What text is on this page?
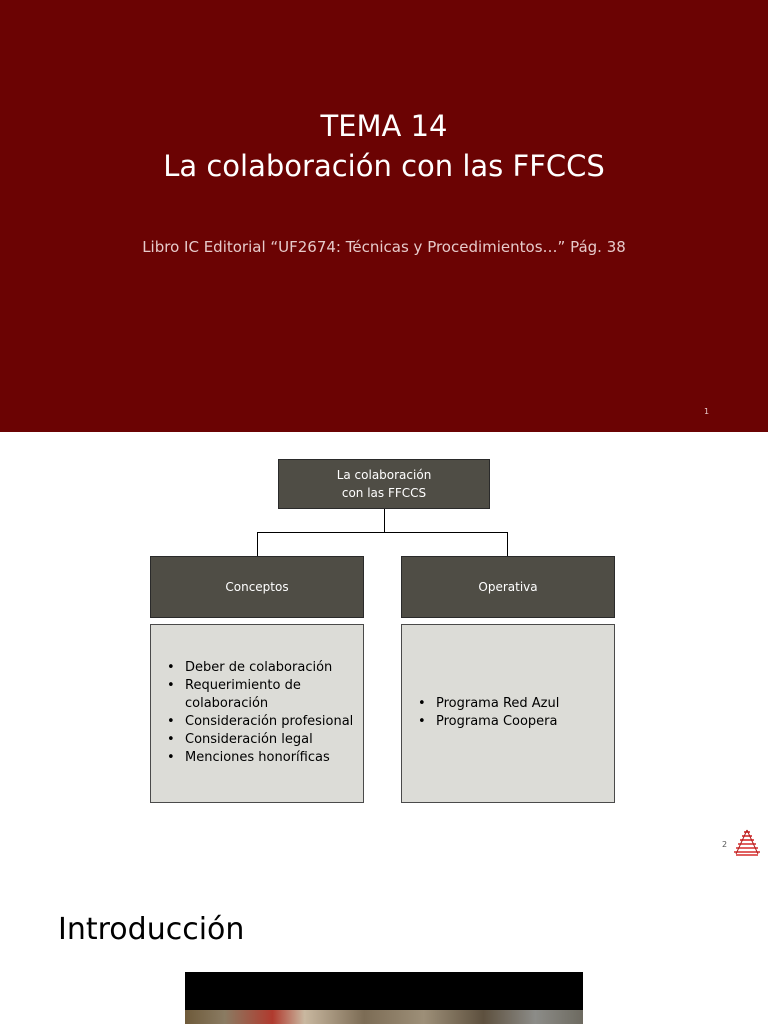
TEMA 14
La colaboración con las FFCCS
Libro IC Editorial “UF2674: Técnicas y Procedimientos…” Pág. 38
1
La colaboración
con las FFCCS
Conceptos	Operativa
• Deber de colaboración
• Requerimiento de colaboración
• Consideración profesional
• Consideración legal
• Menciones honoríficas
• Programa Red Azul
• Programa Coopera
2
Introducción
